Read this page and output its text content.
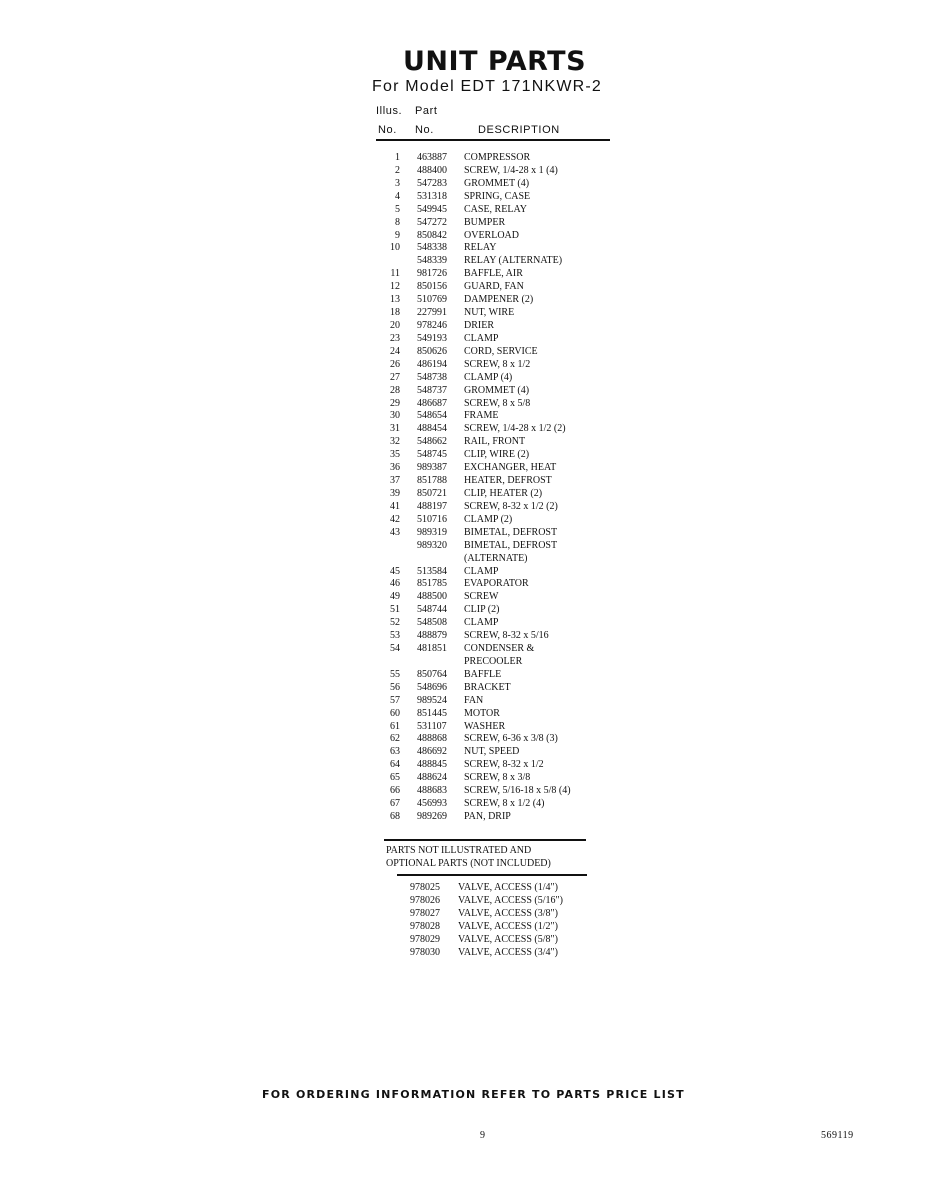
UNIT PARTS
For Model EDT 171NKWR-2
Illus. Part
No. No.	DESCRIPTION
1 463887 COMPRESSOR
2 488400 SCREW, 1/4-28 x 1 (4)
3 547283 GROMMET (4)
4 531318 SPRING, CASE
5 549945 CASE, RELAY
8 547272 BUMPER
9 850842 OVERLOAD
10 548338 RELAY
548339 RELAY (ALTERNATE)
11 981726 BAFFLE, AIR
12 850156 GUARD, FAN
13 510769 DAMPENER (2)
18 227991 NUT, WIRE
20 978246 DRIER
23 549193 CLAMP
24 850626 CORD, SERVICE
26 486194 SCREW, 8 x 1/2
27 548738 CLAMP (4)
28 548737 GROMMET (4)
29 486687 SCREW, 8 x 5/8
30 548654 FRAME
31 488454 SCREW, 1/4-28 x 1/2 (2)
32 548662 RAIL, FRONT
35 548745 CLIP, WIRE (2)
36 989387 EXCHANGER, HEAT
37 851788 HEATER, DEFROST
39 850721 CLIP, HEATER (2)
41 488197 SCREW, 8-32 x 1/2 (2)
42 510716 CLAMP (2)
43 989319 BIMETAL, DEFROST
989320 BIMETAL, DEFROST
(ALTERNATE)
45 513584 CLAMP
46 851785 EVAPORATOR
49 488500 SCREW
51 548744 CLIP (2)
52 548508 CLAMP
53 488879 SCREW, 8-32 x 5/16
54 481851 CONDENSER &
PRECOOLER
55 850764 BAFFLE
56 548696 BRACKET
57 989524 FAN
60 851445 MOTOR
61 531107 WASHER
62 488868 SCREW, 6-36 x 3/8 (3)
63 486692 NUT, SPEED
64 488845 SCREW, 8-32 x 1/2
65 488624 SCREW, 8 x 3/8
66 488683 SCREW, 5/16-18 x 5/8 (4)
67 456993 SCREW, 8 x 1/2 (4)
68 989269 PAN, DRIP
PARTS NOT ILLUSTRATED AND
OPTIONAL PARTS (NOT INCLUDED)
978025 VALVE, ACCESS (1/4")
978026 VALVE, ACCESS (5/16")
978027 VALVE, ACCESS (3/8")
978028 VALVE, ACCESS (1/2")
978029 VALVE, ACCESS (5/8")
978030 VALVE, ACCESS (3/4")
FOR ORDERING INFORMATION REFER TO PARTS PRICE LIST
9	569119
